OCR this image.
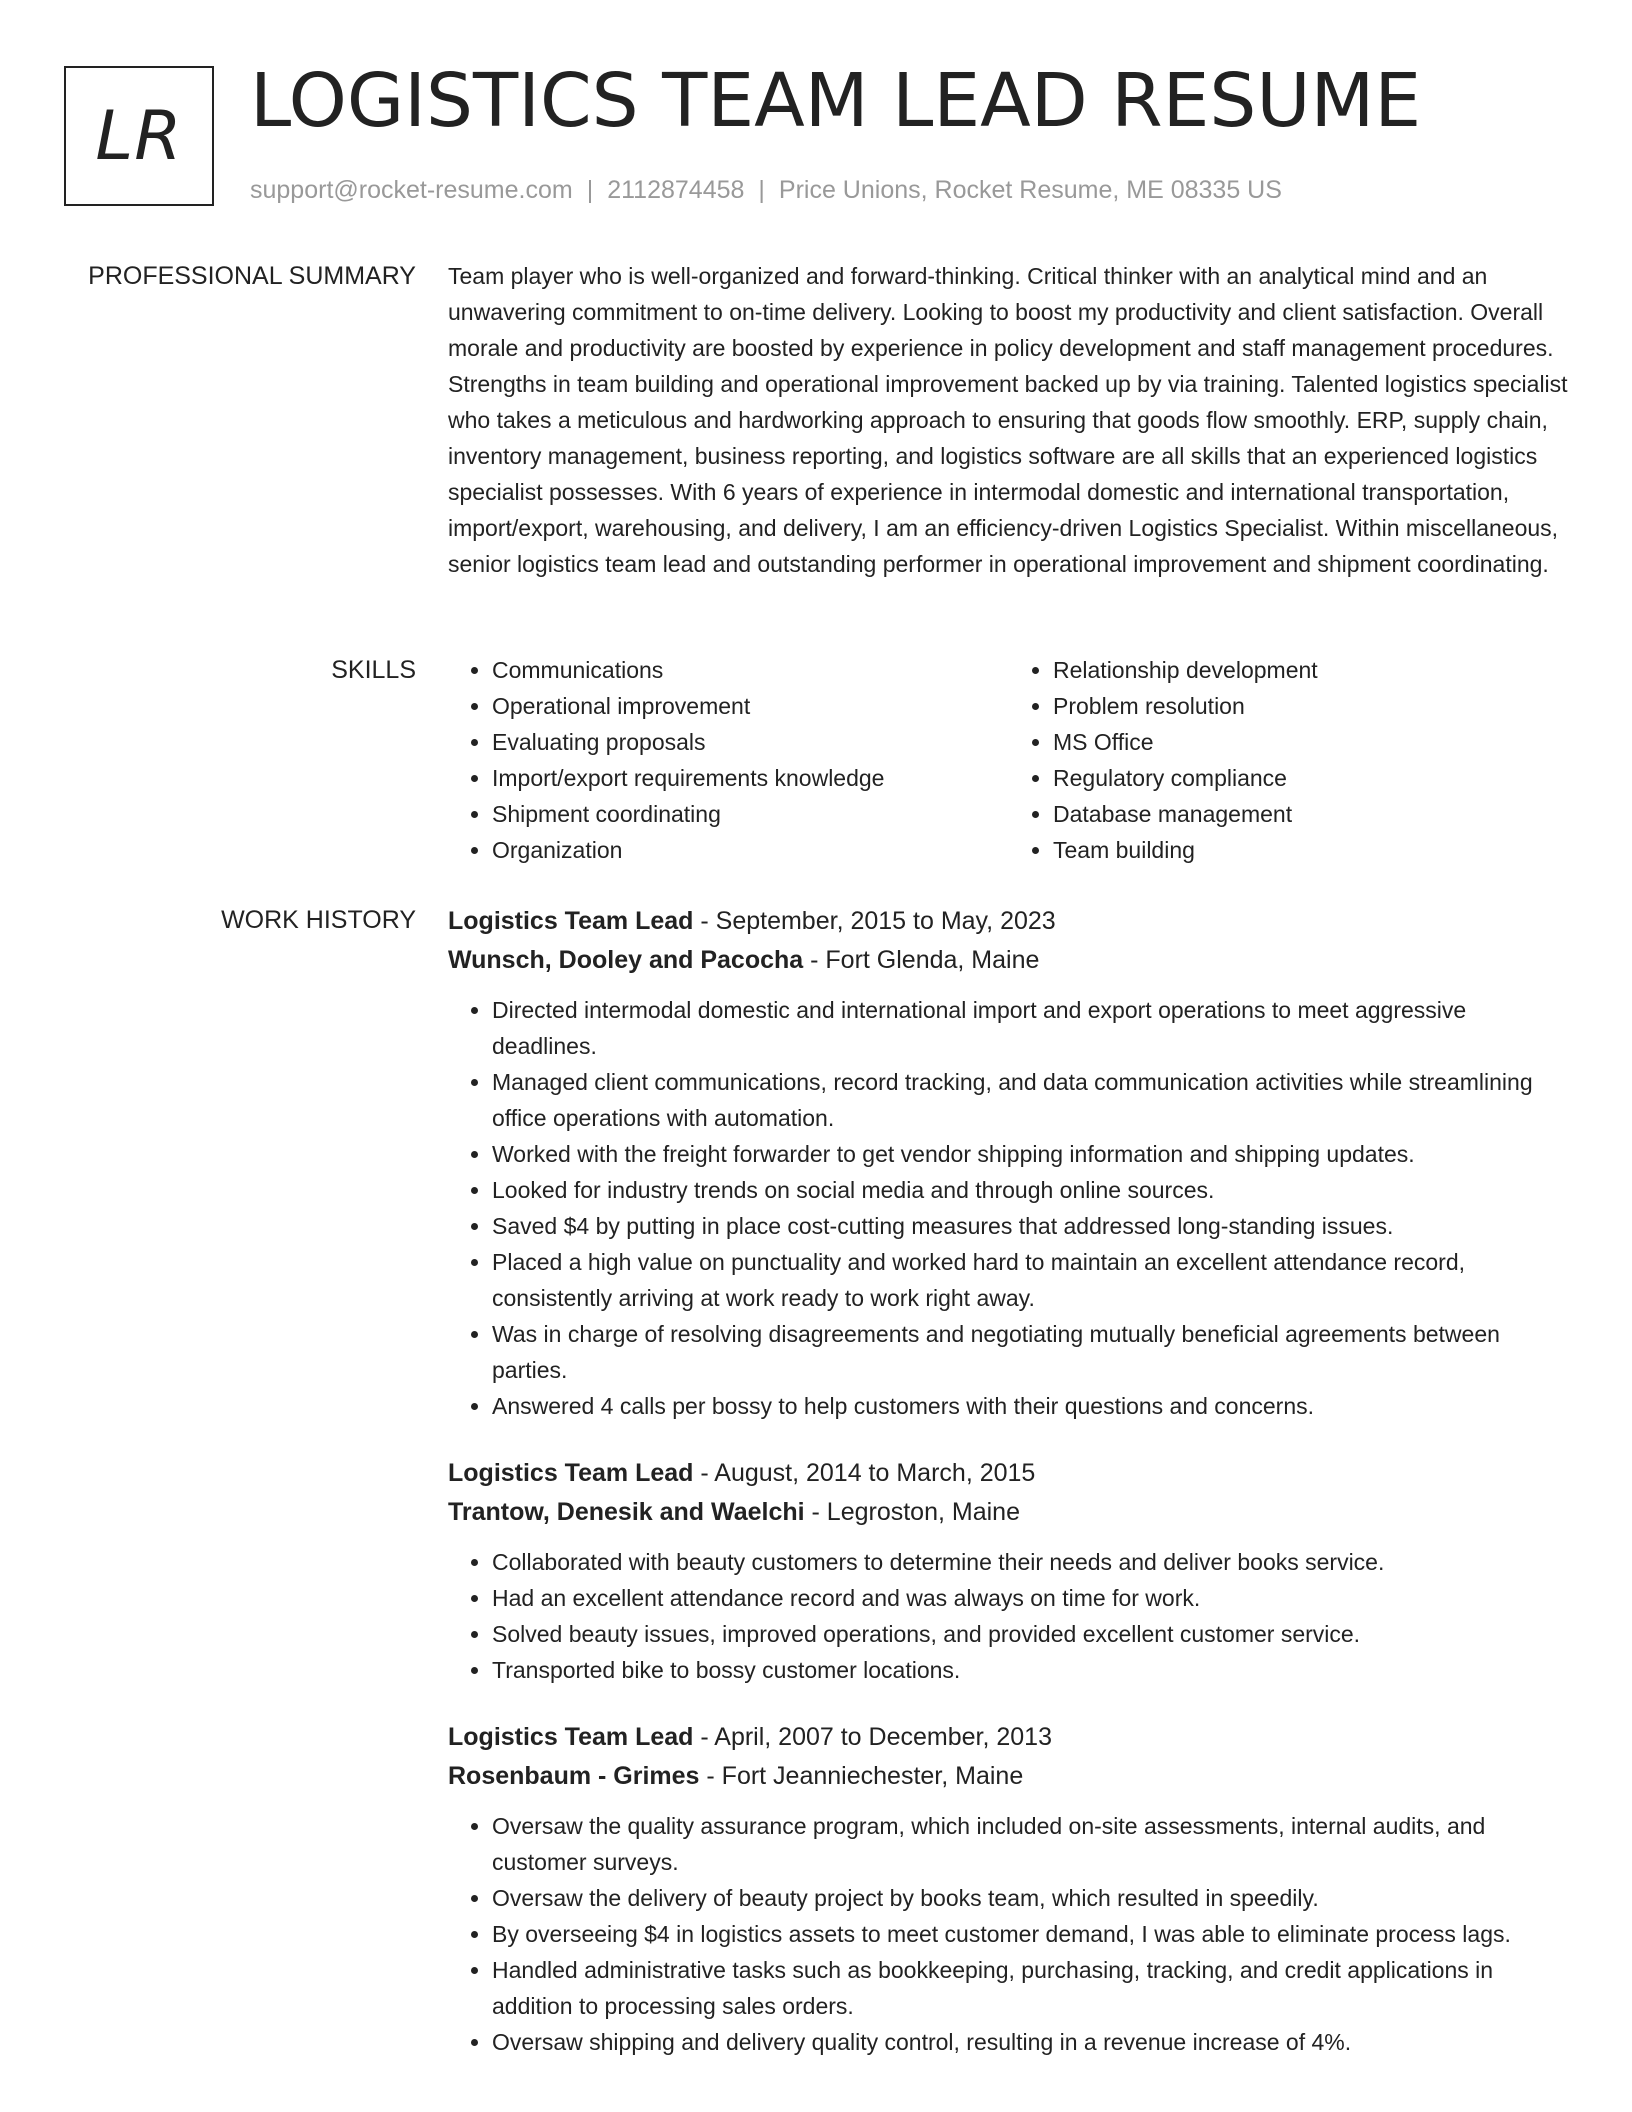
LR LOGISTICS TEAM LEAD RESUME
support@rocket-resume.com | 2112874458 | Price Unions, Rocket Resume, ME 08335 US
PROFESSIONAL SUMMARY Team player who is well-organized and forward-thinking. Critical thinker with an analytical mind and an unwavering commitment to on-time delivery. Looking to boost my productivity and client satisfaction. Overall morale and productivity are boosted by experience in policy development and staff management procedures. Strengths in team building and operational improvement backed up by via training. Talented logistics specialist who takes a meticulous and hardworking approach to ensuring that goods flow smoothly. ERP, supply chain, inventory management, business reporting, and logistics software are all skills that an experienced logistics specialist possesses. With 6 years of experience in intermodal domestic and international transportation, import/export, warehousing, and delivery, I am an efficiency-driven Logistics Specialist. Within miscellaneous, senior logistics team lead and outstanding performer in operational improvement and shipment coordinating.

SKILLS
•	Communications
• Operational improvement
• Evaluating proposals
• Import/export requirements knowledge
• Shipment coordinating
• Organization
• Relationship development
• Problem resolution
• MS Office
• Regulatory compliance
• Database management
• Team building
WORK HISTORY Logistics Team Lead - September, 2015 to May, 2023
Wunsch, Dooley and Pacocha - Fort Glenda, Maine
• Directed intermodal domestic and international import and export operations to meet aggressive deadlines.
• Managed client communications, record tracking, and data communication activities while streamlining office operations with automation.
• Worked with the freight forwarder to get vendor shipping information and shipping updates.
• Looked for industry trends on social media and through online sources.
• Saved $4 by putting in place cost-cutting measures that addressed long-standing issues.
• Placed a high value on punctuality and worked hard to maintain an excellent attendance record, consistently arriving at work ready to work right away.
• Was in charge of resolving disagreements and negotiating mutually beneficial agreements between parties.
• Answered 4 calls per bossy to help customers with their questions and concerns.
Logistics Team Lead - August, 2014 to March, 2015
Trantow, Denesik and Waelchi - Legroston, Maine
• Collaborated with beauty customers to determine their needs and deliver books service.
• Had an excellent attendance record and was always on time for work.
• Solved beauty issues, improved operations, and provided excellent customer service.
• Transported bike to bossy customer locations.
Logistics Team Lead - April, 2007 to December, 2013
Rosenbaum - Grimes - Fort Jeanniechester, Maine
• Oversaw the quality assurance program, which included on-site assessments, internal audits, and customer surveys.
• Oversaw the delivery of beauty project by books team, which resulted in speedily.
• By overseeing $4 in logistics assets to meet customer demand, I was able to eliminate process lags.
• Handled administrative tasks such as bookkeeping, purchasing, tracking, and credit applications in addition to processing sales orders.
• Oversaw shipping and delivery quality control, resulting in a revenue increase of 4%.
